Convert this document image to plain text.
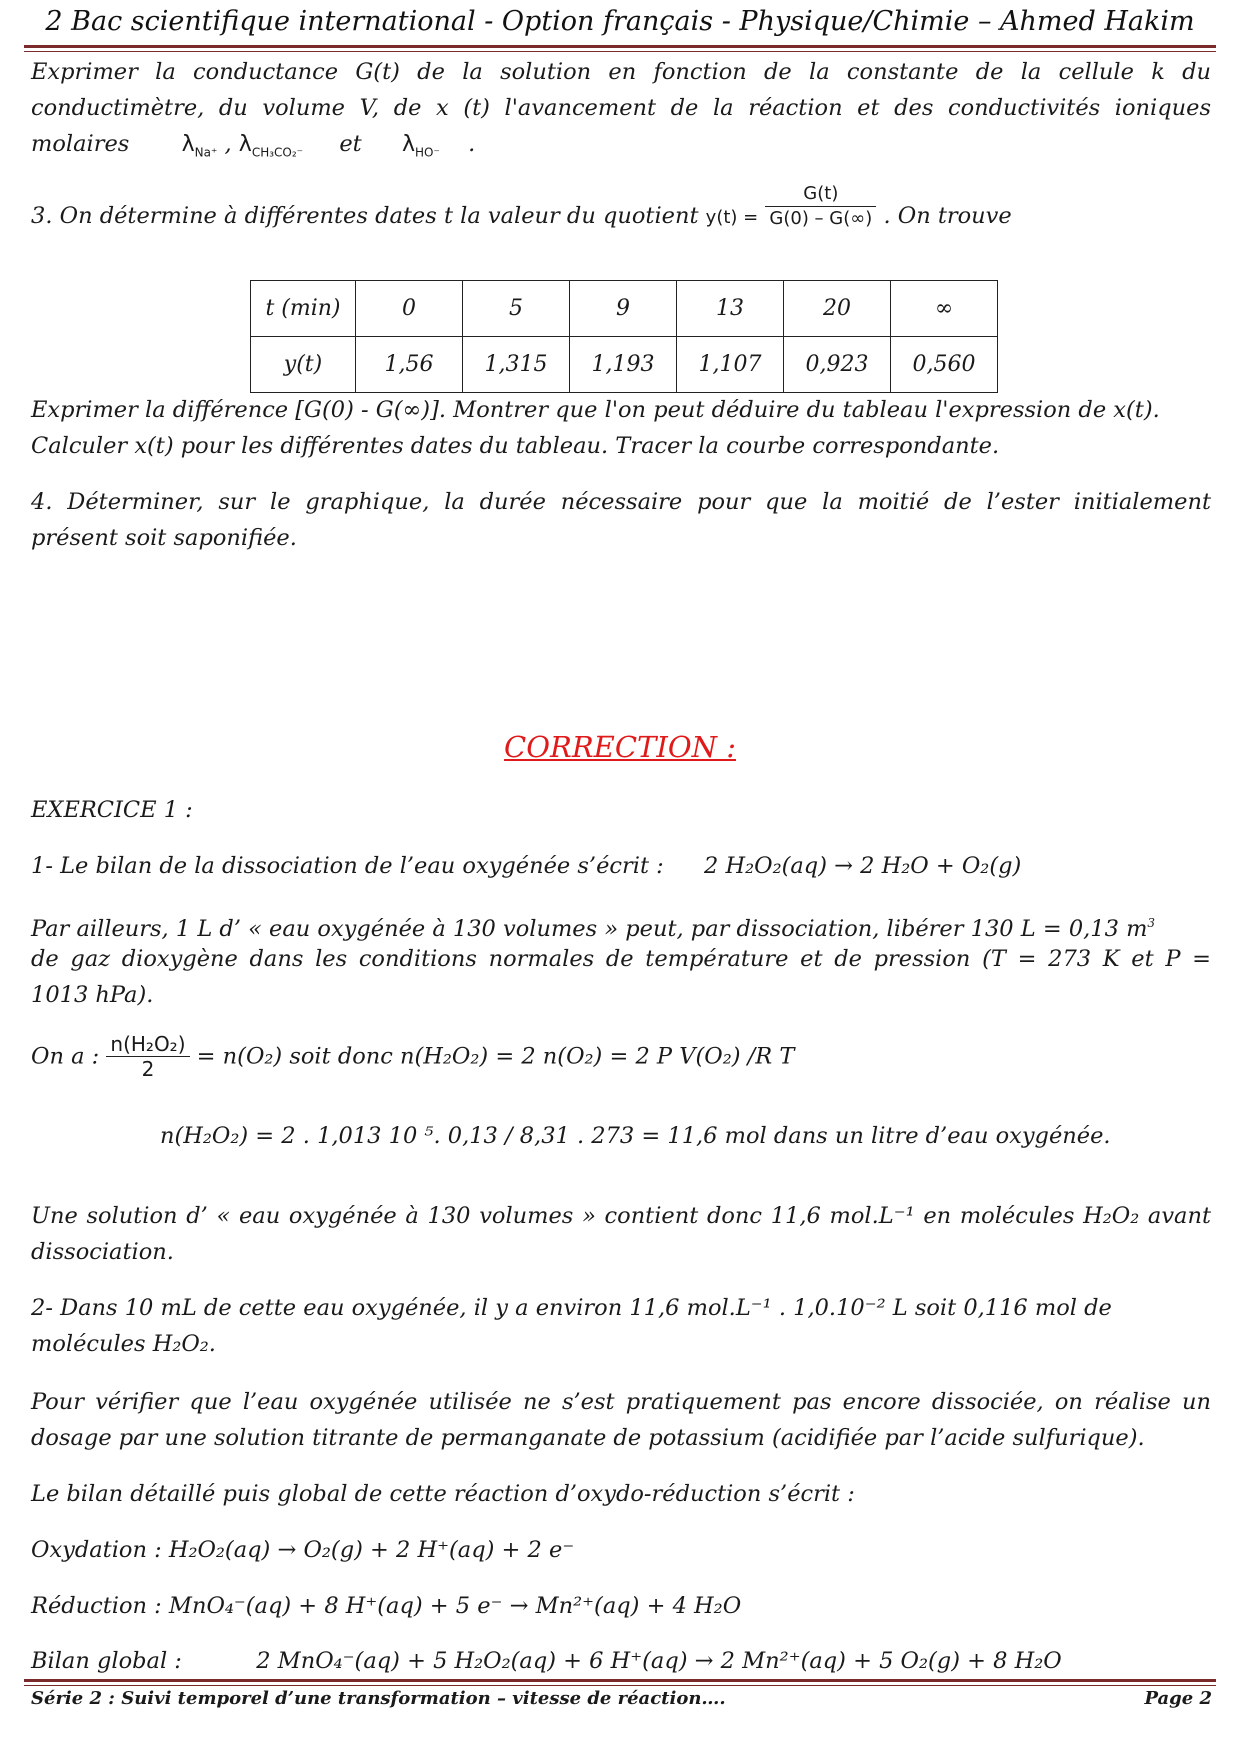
2 Bac scientifique international - Option français - Physique/Chimie – Ahmed Hakim
Exprimer la conductance G(t) de la solution en fonction de la constante de la cellule k du
conductimètre, du volume V, de x (t) l'avancement de la réaction et des conductivités ioniques
molaires $\lambda_{Na^+}$ , $\lambda_{CH_3CO_2^-}$ et $\lambda_{HO^-}$ .
3. On détermine à différentes dates t la valeur du quotient $y(t) = \frac{G(t)}{G(0) - G(\infty)}$ . On trouve
t (min)	0	5	9	13	20	∞
y(t)	1,56	1,315	1,193	1,107	0,923	0,560
Exprimer la différence [G(0) - G(∞)]. Montrer que l'on peut déduire du tableau l'expression de x(t).
Calculer x(t) pour les différentes dates du tableau. Tracer la courbe correspondante.
4. Déterminer, sur le graphique, la durée nécessaire pour que la moitié de l’ester initialement
présent soit saponifiée.
CORRECTION :
EXERCICE 1 :
1- Le bilan de la dissociation de l’eau oxygénée s’écrit : 2 H₂O₂(aq) → 2 H₂O + O₂(g)
Par ailleurs, 1 L d’ « eau oxygénée à 130 volumes » peut, par dissociation, libérer 130 L = 0,13 $m^3$
de gaz dioxygène dans les conditions normales de température et de pression (T = 273 K et P =
1013 hPa).
On a : $\frac{\text{n(H₂O₂)}}{2} = n(O_2)$ soit donc n(H₂O₂) = 2 n(O₂) = 2 P V(O₂) /R T
n(H₂O₂) = 2 . 1,013 10 ⁵. 0,13 / 8,31 . 273 = 11,6 mol dans un litre d’eau oxygénée.
Une solution d’ « eau oxygénée à 130 volumes » contient donc 11,6 mol.L⁻¹ en molécules H₂O₂ avant
dissociation.
2- Dans 10 mL de cette eau oxygénée, il y a environ 11,6 mol.L⁻¹ . 1,0.10⁻² L soit 0,116 mol de
molécules H₂O₂.
Pour vérifier que l’eau oxygénée utilisée ne s’est pratiquement pas encore dissociée, on réalise un
dosage par une solution titrante de permanganate de potassium (acidifiée par l’acide sulfurique).
Le bilan détaillé puis global de cette réaction d’oxydo-réduction s’écrit :
Oxydation : H₂O₂(aq) → O₂(g) + 2 H⁺(aq) + 2 e⁻
Réduction : MnO₄⁻(aq) + 8 H⁺(aq) + 5 e⁻ → Mn²⁺(aq) + 4 H₂O
Bilan global :	2 MnO₄⁻(aq) + 5 H₂O₂(aq) + 6 H⁺(aq) → 2 Mn²⁺(aq) + 5 O₂(g) + 8 H₂O
Série 2 : Suivi temporel d’une transformation – vitesse de réaction….	Page 2
